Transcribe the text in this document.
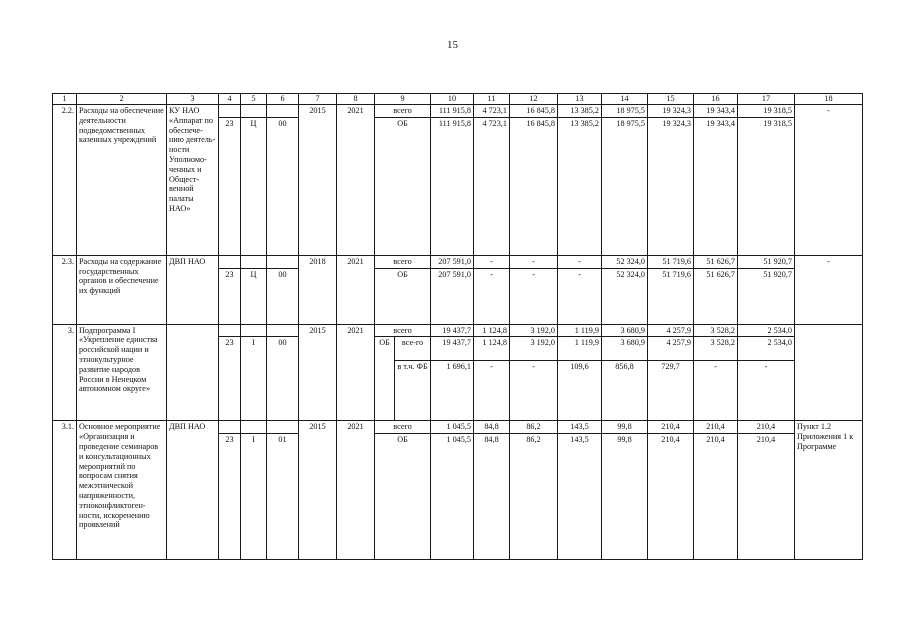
15
1	2	3	4	5	6	7	8	9		10	11	12	13	14	15	16	17	18
2.2.	Расходы на обеспечение деятельности подведомственных казенных учреждений	КУ НАО «Аппарат по обеспече-нию деятель-ности Уполномо-ченных и Общест-венной палаты НАО»				2015	2021	всего		111 915,8	4 723,1	16 845,8	13 385,2	18 975,5	19 324,3	19 343,4	19 318,5	-
			23	Ц	00			ОБ		111 915,8	4 723,1	16 845,8	13 385,2	18 975,5	19 324,3	19 343,4	19 318,5	
2.3.	Расходы на содержание государственных органов и обеспечение их функций	ДВП НАО				2018	2021	всего		207 591,0	-	-	-	52 324,0	51 719,6	51 626,7	51 920,7	-
			23	Ц	00			ОБ		207 591,0	-	-	-	52 324,0	51 719,6	51 626,7	51 920,7	
3.	Подпрограмма I «Укрепление единства российской нации и этнокультурное развитие народов России в Ненецком автономном округе»					2015	2021	всего		19 437,7	1 124,8	3 192,0	1 119,9	3 680,9	4 257,9	3 528,2	2 534,0	
			23	I	00			ОБ	все-го	19 437,7	1 124,8	3 192,0	1 119,9	3 680,9	4 257,9	3 528,2	2 534,0	
									в т.ч. ФБ	1 696,1	-	-	109,6	856,8	729,7	-	-	
3.1.	Основное мероприятие «Организация и проведение семинаров и консультационных мероприятий по вопросам снятия межэтнической напряженности, этноконфликтоген-ности, искоренению проявлений	ДВП НАО				2015	2021	всего		1 045,5	84,8	86,2	143,5	99,8	210,4	210,4	210,4	Пункт 1.2 Приложения 1 к Программе
			23	I	01			ОБ		1 045,5	84,8	86,2	143,5	99,8	210,4	210,4	210,4	
